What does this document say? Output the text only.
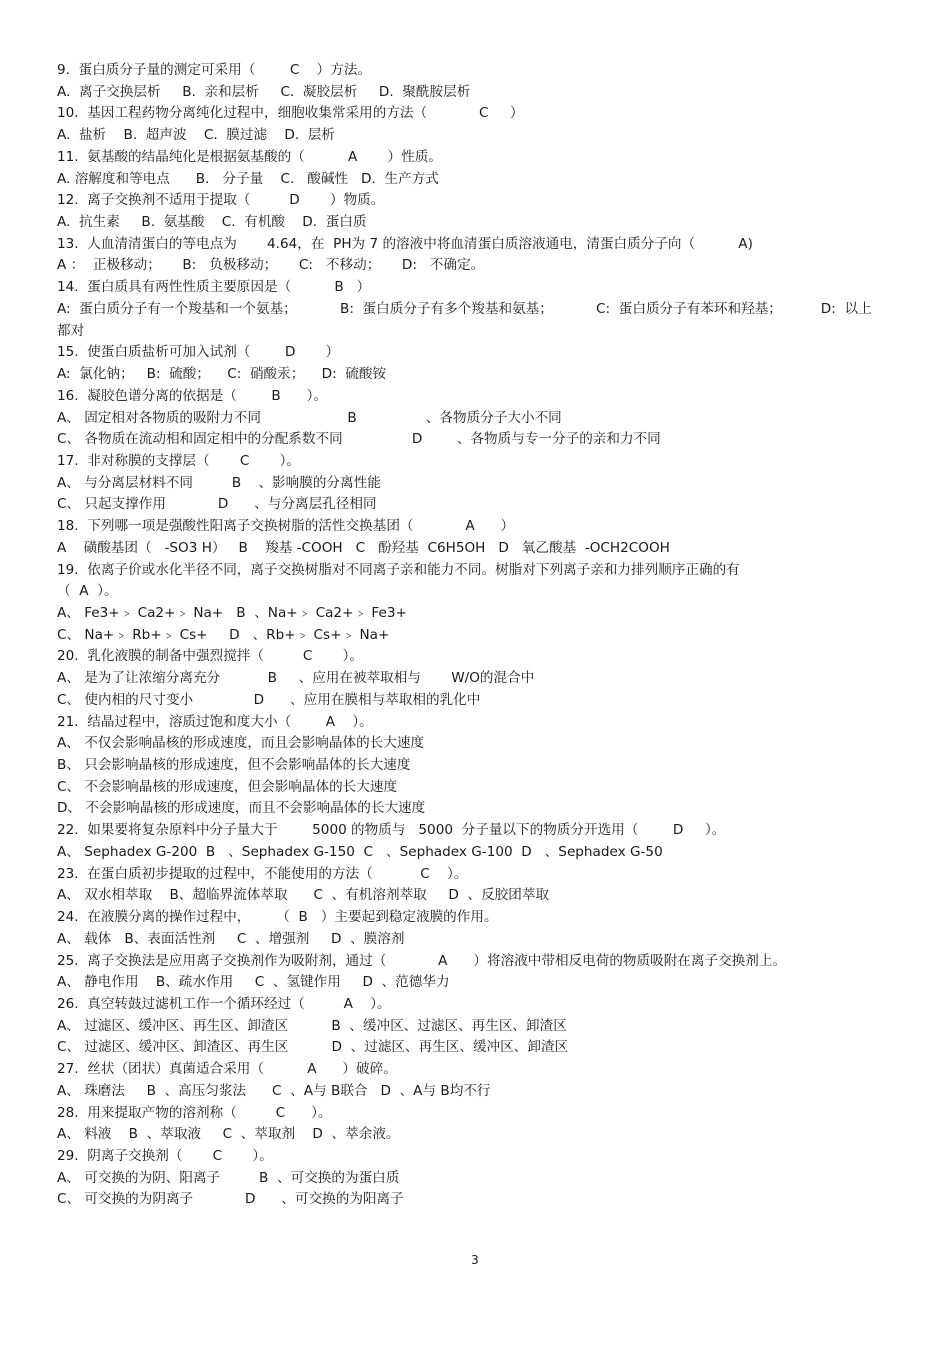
9.  蛋白质分子量的测定可采用（        C    ）方法。
A.  离子交换层析     B.  亲和层析     C.  凝胶层析     D.  聚酰胺层析
10.  基因工程药物分离纯化过程中，细胞收集常采用的方法（            C     ）
A.  盐析    B.  超声波    C.  膜过滤    D.  层析
11.  氨基酸的结晶纯化是根据氨基酸的（          A       ）性质。
A. 溶解度和等电点      B.   分子量    C.   酸碱性   D.  生产方式
12.  离子交换剂不适用于提取（         D       ）物质。
A.  抗生素     B.  氨基酸    C.  有机酸    D.  蛋白质
13.  人血清清蛋白的等电点为       4.64，在  PH为 7 的溶液中将血清蛋白质溶液通电，清蛋白质分子向（          A)
A ：  正极移动；     B:   负极移动；     C:   不移动；     D:   不确定。
14.  蛋白质具有两性性质主要原因是（          B   ）
A:  蛋白质分子有一个羧基和一个氨基；          B:  蛋白质分子有多个羧基和氨基；          C:  蛋白质分子有苯环和羟基；         D:  以上
都对
15.  使蛋白质盐析可加入试剂（        D       ）
A:  氯化钠；   B:  硫酸；    C:  硝酸汞；    D:  硫酸铵
16.  凝胶色谱分离的依据是（        B      ）。
A、 固定相对各物质的吸附力不同                    B                、各物质分子大小不同
C、 各物质在流动相和固定相中的分配系数不同                D        、各物质与专一分子的亲和力不同
17.  非对称膜的支撑层（       C       ）。
A、 与分离层材料不同         B    、影响膜的分离性能
C、 只起支撑作用            D      、与分离层孔径相同
18.  下列哪一项是强酸性阳离子交换树脂的活性交换基团（            A      ）
A    磺酸基团（   -SO3 H）   B    羧基 -COOH   C   酚羟基  C6H5OH   D   氧乙酸基  -OCH2COOH
19.  依离子价或水化半径不同，离子交换树脂对不同离子亲和能力不同。树脂对下列离子亲和力排列顺序正确的有
（  A  ）。
A、 Fe3+﹥ Ca2+﹥ Na+   B  、Na+﹥ Ca2+﹥ Fe3+
C、 Na+﹥ Rb+﹥ Cs+     D   、Rb+﹥ Cs+﹥ Na+
20.  乳化液膜的制备中强烈搅拌（         C       ）。
A、 是为了让浓缩分离充分           B     、应用在被萃取相与       W/O的混合中
C、 使内相的尺寸变小              D      、应用在膜相与萃取相的乳化中
21.  结晶过程中，溶质过饱和度大小（        A    ）。
A、 不仅会影响晶核的形成速度，而且会影响晶体的长大速度
B、 只会影响晶核的形成速度，但不会影响晶体的长大速度
C、 不会影响晶核的形成速度，但会影响晶体的长大速度
D、 不会影响晶核的形成速度，而且不会影响晶体的长大速度
22.  如果要将复杂原料中分子量大于        5000 的物质与   5000  分子量以下的物质分开选用（        D     ）。
A、 Sephadex G-200  B   、Sephadex G-150  C   、Sephadex G-100  D   、Sephadex G-50
23.  在蛋白质初步提取的过程中，不能使用的方法（           C    ）。
A、 双水相萃取    B、超临界流体萃取      C  、有机溶剂萃取     D  、反胶团萃取
24.  在液膜分离的操作过程中，      （  B   ）主要起到稳定液膜的作用。
A、 载体   B、表面活性剂     C  、增强剂     D  、膜溶剂
25.  离子交换法是应用离子交换剂作为吸附剂，通过（            A      ）将溶液中带相反电荷的物质吸附在离子交换剂上。
A、 静电作用    B、疏水作用     C  、氢键作用     D  、范德华力
26.  真空转鼓过滤机工作一个循环经过（         A    ）。
A、 过滤区、缓冲区、再生区、卸渣区          B  、缓冲区、过滤区、再生区、卸渣区
C、 过滤区、缓冲区、卸渣区、再生区          D  、过滤区、再生区、缓冲区、卸渣区
27.  丝状（团状）真菌适合采用（          A      ）破碎。
A、 珠磨法     B  、高压匀浆法      C  、A与 B联合   D  、A与 B均不行
28.  用来提取产物的溶剂称（         C      ）。
A、 料液    B  、萃取液     C  、萃取剂    D  、萃余液。
29.  阴离子交换剂（       C       ）。
A、 可交换的为阴、阳离子         B  、可交换的为蛋白质
C、 可交换的为阴离子            D      、可交换的为阳离子
3
